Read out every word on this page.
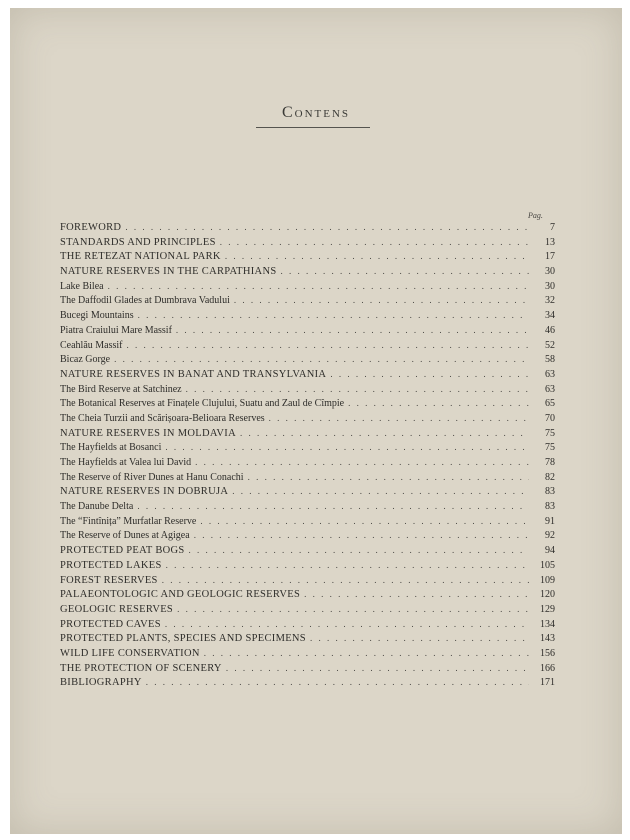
Contens
Pag.
FOREWORD . . .	7
STANDARDS AND PRINCIPLES . . .	13
THE RETEZAT NATIONAL PARK . . .	17
NATURE RESERVES IN THE CARPATHIANS . . .	30
Lake Bilea . . .	30
The Daffodil Glades at Dumbrava Vadului . . .	32
Bucegi Mountains . . .	34
Piatra Craiului Mare Massif . . .	46
Ceahlău Massif . . .	52
Bicaz Gorge . . .	58
NATURE RESERVES IN BANAT AND TRANSYLVANIA . . .	63
The Bird Reserve at Satchinez . . .	63
The Botanical Reserves at Finațele Clujului, Suatu and Zaul de Cîmpie . . .	65
The Cheia Turzii and Scărișoara-Belioara Reserves . . .	70
NATURE RESERVES IN MOLDAVIA . . .	75
The Hayfields at Bosanci . . .	75
The Hayfields at Valea lui David . . .	78
The Reserve of River Dunes at Hanu Conachi . . .	82
NATURE RESERVES IN DOBRUJA . . .	83
The Danube Delta . . .	83
The “Fintînița” Murfatlar Reserve . . .	91
The Reserve of Dunes at Agigea . . .	92
PROTECTED PEAT BOGS . . .	94
PROTECTED LAKES . . .	105
FOREST RESERVES . . .	109
PALAEONTOLOGIC AND GEOLOGIC RESERVES . . .	120
GEOLOGIC RESERVES . . .	129
PROTECTED CAVES . . .	134
PROTECTED PLANTS, SPECIES AND SPECIMENS . . .	143
WILD LIFE CONSERVATION . . .	156
THE PROTECTION OF SCENERY . . .	166
BIBLIOGRAPHY . . .	171
